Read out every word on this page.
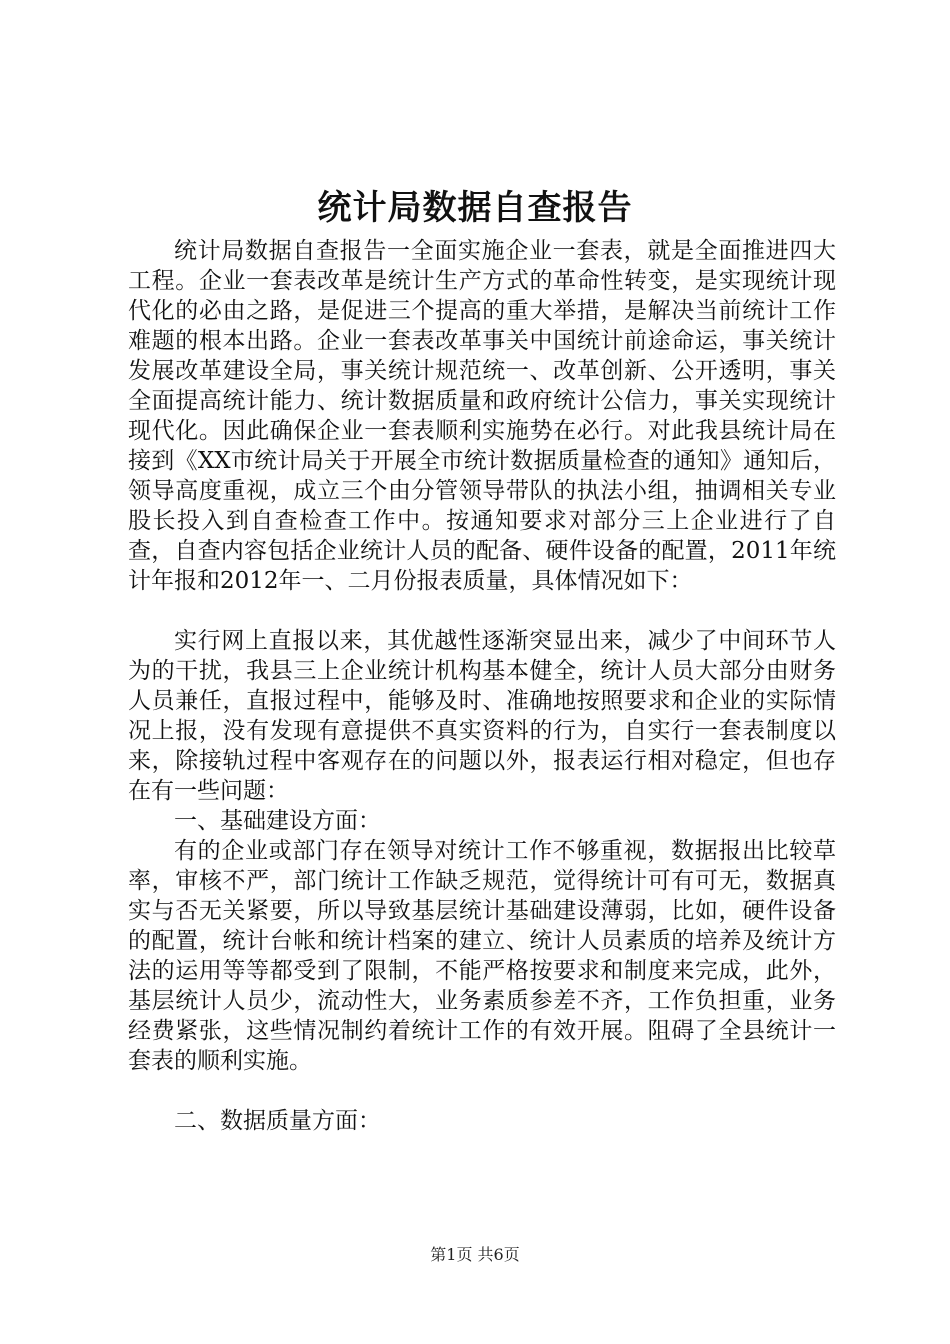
统计局数据自查报告

统计局数据自查报告一全面实施企业一套表，就是全面推进四大工程。企业一套表改革是统计生产方式的革命性转变，是实现统计现代化的必由之路，是促进三个提高的重大举措，是解决当前统计工作难题的根本出路。企业一套表改革事关中国统计前途命运，事关统计发展改革建设全局，事关统计规范统一、改革创新、公开透明，事关全面提高统计能力、统计数据质量和政府统计公信力，事关实现统计现代化。因此确保企业一套表顺利实施势在必行。对此我县统计局在接到《XX市统计局关于开展全市统计数据质量检查的通知》通知后，领导高度重视，成立三个由分管领导带队的执法小组，抽调相关专业股长投入到自查检查工作中。按通知要求对部分三上企业进行了自查，自查内容包括企业统计人员的配备、硬件设备的配置，2011年统计年报和2012年一、二月份报表质量，具体情况如下：

实行网上直报以来，其优越性逐渐突显出来，减少了中间环节人为的干扰，我县三上企业统计机构基本健全，统计人员大部分由财务人员兼任，直报过程中，能够及时、准确地按照要求和企业的实际情况上报，没有发现有意提供不真实资料的行为，自实行一套表制度以来，除接轨过程中客观存在的问题以外，报表运行相对稳定，但也存在有一些问题：

一、基础建设方面：

有的企业或部门存在领导对统计工作不够重视，数据报出比较草率，审核不严，部门统计工作缺乏规范，觉得统计可有可无，数据真实与否无关紧要，所以导致基层统计基础建设薄弱，比如，硬件设备的配置，统计台帐和统计档案的建立、统计人员素质的培养及统计方法的运用等等都受到了限制，不能严格按要求和制度来完成，此外，基层统计人员少，流动性大，业务素质参差不齐，工作负担重，业务经费紧张，这些情况制约着统计工作的有效开展。阻碍了全县统计一套表的顺利实施。

二、数据质量方面：

第1页 共6页
